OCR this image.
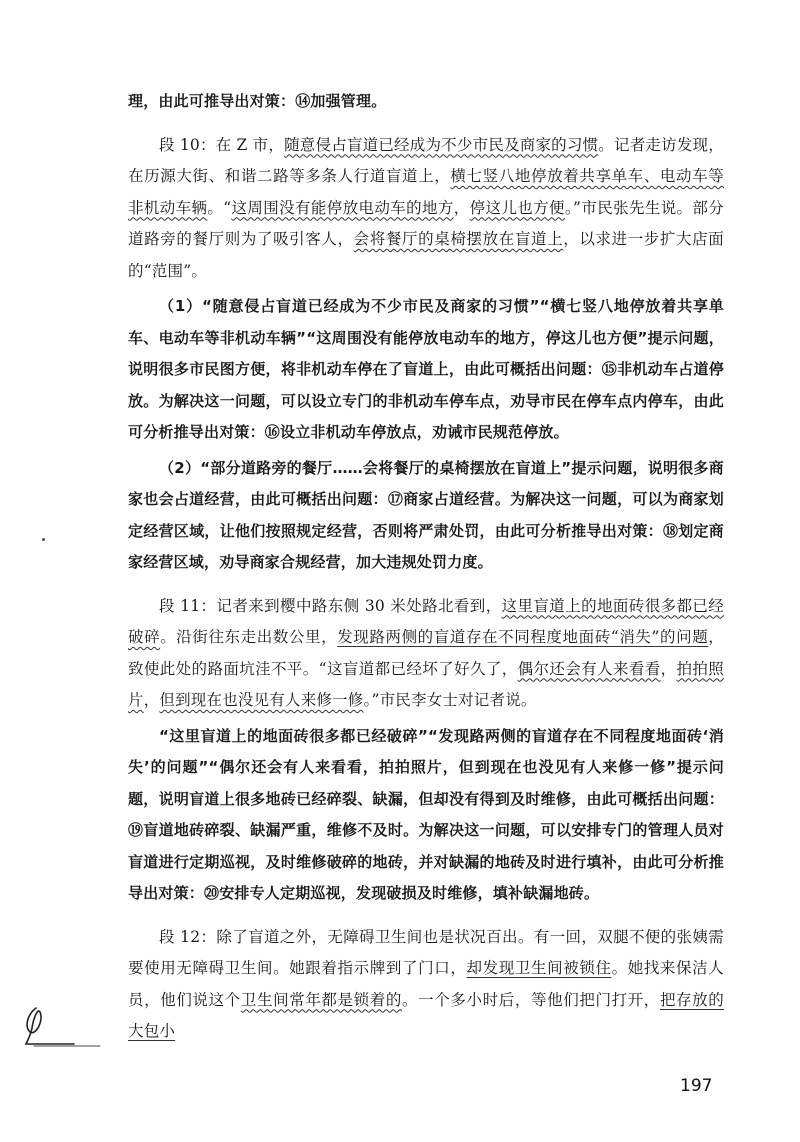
理，由此可推导出对策：⑭加强管理。

段 10：在 Z 市，随意侵占盲道已经成为不少市民及商家的习惯。记者走访发现，在历源大街、和谐二路等多条人行道盲道上，横七竖八地停放着共享单车、电动车等非机动车辆。“这周围没有能停放电动车的地方，停这儿也方便。”市民张先生说。部分道路旁的餐厅则为了吸引客人，会将餐厅的桌椅摆放在盲道上，以求进一步扩大店面的“范围”。

（1）“随意侵占盲道已经成为不少市民及商家的习惯”“横七竖八地停放着共享单车、电动车等非机动车辆”“这周围没有能停放电动车的地方，停这儿也方便”提示问题，说明很多市民图方便，将非机动车停在了盲道上，由此可概括出问题：⑮非机动车占道停放。为解决这一问题，可以设立专门的非机动车停车点，劝导市民在停车点内停车，由此可分析推导出对策：⑯设立非机动车停放点，劝诫市民规范停放。

（2）“部分道路旁的餐厅……会将餐厅的桌椅摆放在盲道上”提示问题，说明很多商家也会占道经营，由此可概括出问题：⑰商家占道经营。为解决这一问题，可以为商家划定经营区域，让他们按照规定经营，否则将严肃处罚，由此可分析推导出对策：⑱划定商家经营区域，劝导商家合规经营，加大违规处罚力度。

段 11：记者来到樱中路东侧 30 米处路北看到，这里盲道上的地面砖很多都已经破碎。沿街往东走出数公里，发现路两侧的盲道存在不同程度地面砖“消失”的问题，致使此处的路面坑洼不平。“这盲道都已经坏了好久了，偶尔还会有人来看看，拍拍照片，但到现在也没见有人来修一修。”市民李女士对记者说。

“这里盲道上的地面砖很多都已经破碎”“发现路两侧的盲道存在不同程度地面砖‘消失’的问题”“偶尔还会有人来看看，拍拍照片，但到现在也没见有人来修一修”提示问题，说明盲道上很多地砖已经碎裂、缺漏，但却没有得到及时维修，由此可概括出问题：⑲盲道地砖碎裂、缺漏严重，维修不及时。为解决这一问题，可以安排专门的管理人员对盲道进行定期巡视，及时维修破碎的地砖，并对缺漏的地砖及时进行填补，由此可分析推导出对策：⑳安排专人定期巡视，发现破损及时维修，填补缺漏地砖。

段 12：除了盲道之外，无障碍卫生间也是状况百出。有一回，双腿不便的张姨需要使用无障碍卫生间。她跟着指示牌到了门口，却发现卫生间被锁住。她找来保洁人员，他们说这个卫生间常年都是锁着的。一个多小时后，等他们把门打开，把存放的大包小

197
